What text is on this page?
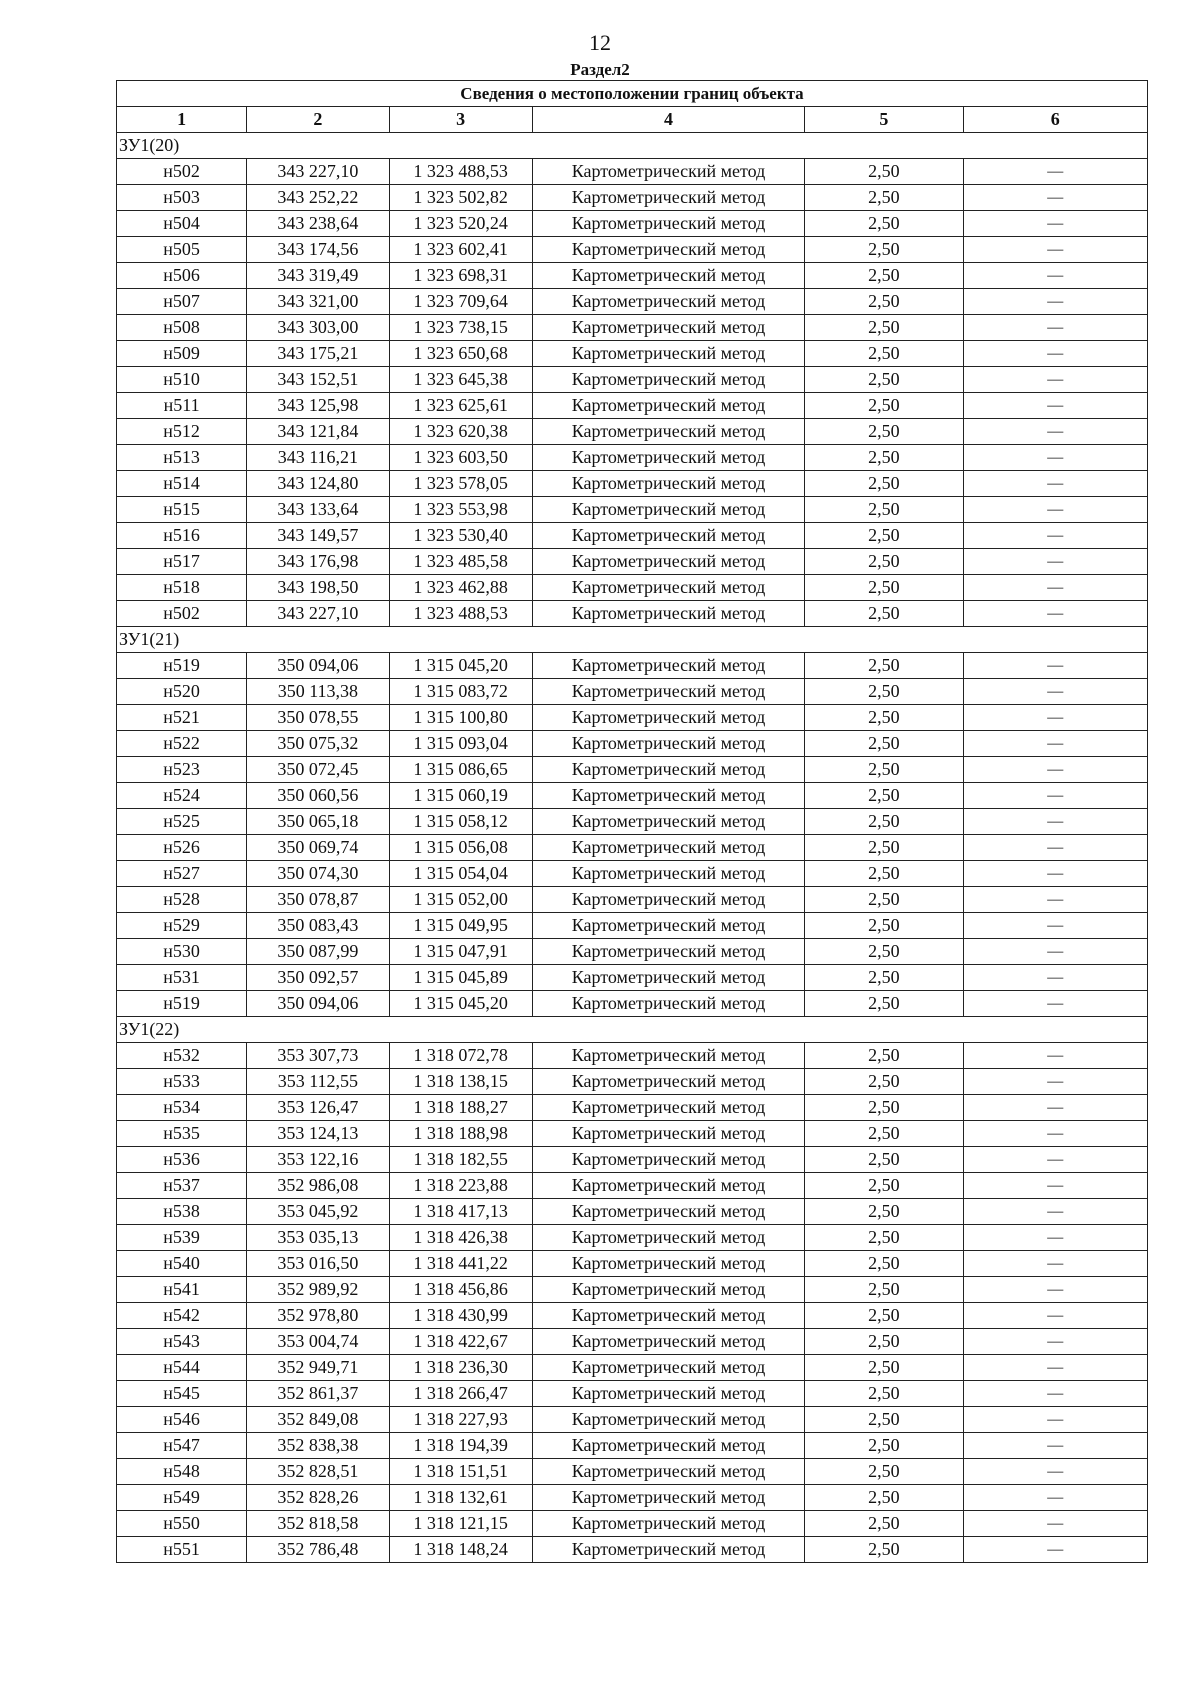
12
Раздел2
Сведения о местоположении границ объекта					
1	2	3	4	5	6
ЗУ1(20)					
н502	343 227,10	1 323 488,53	Картометрический метод	2,50	—
н503	343 252,22	1 323 502,82	Картометрический метод	2,50	—
н504	343 238,64	1 323 520,24	Картометрический метод	2,50	—
н505	343 174,56	1 323 602,41	Картометрический метод	2,50	—
н506	343 319,49	1 323 698,31	Картометрический метод	2,50	—
н507	343 321,00	1 323 709,64	Картометрический метод	2,50	—
н508	343 303,00	1 323 738,15	Картометрический метод	2,50	—
н509	343 175,21	1 323 650,68	Картометрический метод	2,50	—
н510	343 152,51	1 323 645,38	Картометрический метод	2,50	—
н511	343 125,98	1 323 625,61	Картометрический метод	2,50	—
н512	343 121,84	1 323 620,38	Картометрический метод	2,50	—
н513	343 116,21	1 323 603,50	Картометрический метод	2,50	—
н514	343 124,80	1 323 578,05	Картометрический метод	2,50	—
н515	343 133,64	1 323 553,98	Картометрический метод	2,50	—
н516	343 149,57	1 323 530,40	Картометрический метод	2,50	—
н517	343 176,98	1 323 485,58	Картометрический метод	2,50	—
н518	343 198,50	1 323 462,88	Картометрический метод	2,50	—
н502	343 227,10	1 323 488,53	Картометрический метод	2,50	—
ЗУ1(21)					
н519	350 094,06	1 315 045,20	Картометрический метод	2,50	—
н520	350 113,38	1 315 083,72	Картометрический метод	2,50	—
н521	350 078,55	1 315 100,80	Картометрический метод	2,50	—
н522	350 075,32	1 315 093,04	Картометрический метод	2,50	—
н523	350 072,45	1 315 086,65	Картометрический метод	2,50	—
н524	350 060,56	1 315 060,19	Картометрический метод	2,50	—
н525	350 065,18	1 315 058,12	Картометрический метод	2,50	—
н526	350 069,74	1 315 056,08	Картометрический метод	2,50	—
н527	350 074,30	1 315 054,04	Картометрический метод	2,50	—
н528	350 078,87	1 315 052,00	Картометрический метод	2,50	—
н529	350 083,43	1 315 049,95	Картометрический метод	2,50	—
н530	350 087,99	1 315 047,91	Картометрический метод	2,50	—
н531	350 092,57	1 315 045,89	Картометрический метод	2,50	—
н519	350 094,06	1 315 045,20	Картометрический метод	2,50	—
ЗУ1(22)					
н532	353 307,73	1 318 072,78	Картометрический метод	2,50	—
н533	353 112,55	1 318 138,15	Картометрический метод	2,50	—
н534	353 126,47	1 318 188,27	Картометрический метод	2,50	—
н535	353 124,13	1 318 188,98	Картометрический метод	2,50	—
н536	353 122,16	1 318 182,55	Картометрический метод	2,50	—
н537	352 986,08	1 318 223,88	Картометрический метод	2,50	—
н538	353 045,92	1 318 417,13	Картометрический метод	2,50	—
н539	353 035,13	1 318 426,38	Картометрический метод	2,50	—
н540	353 016,50	1 318 441,22	Картометрический метод	2,50	—
н541	352 989,92	1 318 456,86	Картометрический метод	2,50	—
н542	352 978,80	1 318 430,99	Картометрический метод	2,50	—
н543	353 004,74	1 318 422,67	Картометрический метод	2,50	—
н544	352 949,71	1 318 236,30	Картометрический метод	2,50	—
н545	352 861,37	1 318 266,47	Картометрический метод	2,50	—
н546	352 849,08	1 318 227,93	Картометрический метод	2,50	—
н547	352 838,38	1 318 194,39	Картометрический метод	2,50	—
н548	352 828,51	1 318 151,51	Картометрический метод	2,50	—
н549	352 828,26	1 318 132,61	Картометрический метод	2,50	—
н550	352 818,58	1 318 121,15	Картометрический метод	2,50	—
н551	352 786,48	1 318 148,24	Картометрический метод	2,50	—
